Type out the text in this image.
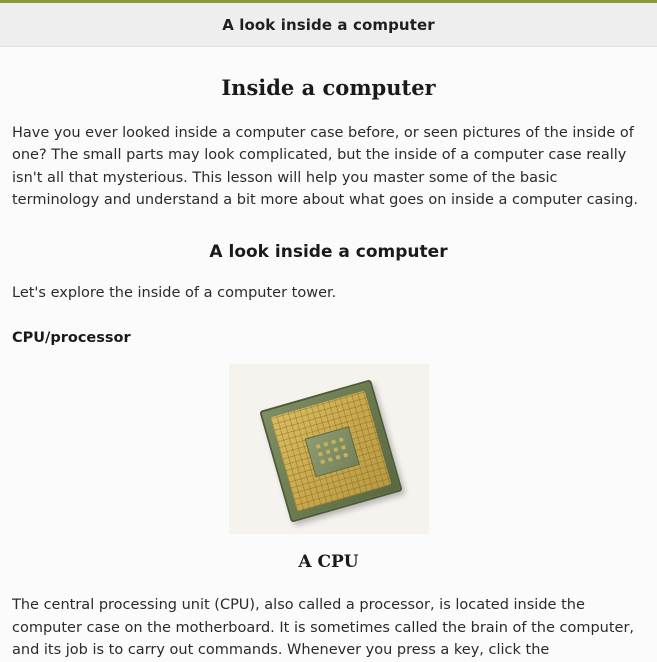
A look inside a computer
Inside a computer

Have you ever looked inside a computer case before, or seen pictures of the inside of one? The small parts may look complicated, but the inside of a computer case really isn't all that mysterious. This lesson will help you master some of the basic terminology and understand a bit more about what goes on inside a computer casing.

A look inside a computer

Let's explore the inside of a computer tower.

CPU/processor
A CPU

The central processing unit (CPU), also called a processor, is located inside the computer case on the motherboard. It is sometimes called the brain of the computer, and its job is to carry out commands. Whenever you press a key, click the
